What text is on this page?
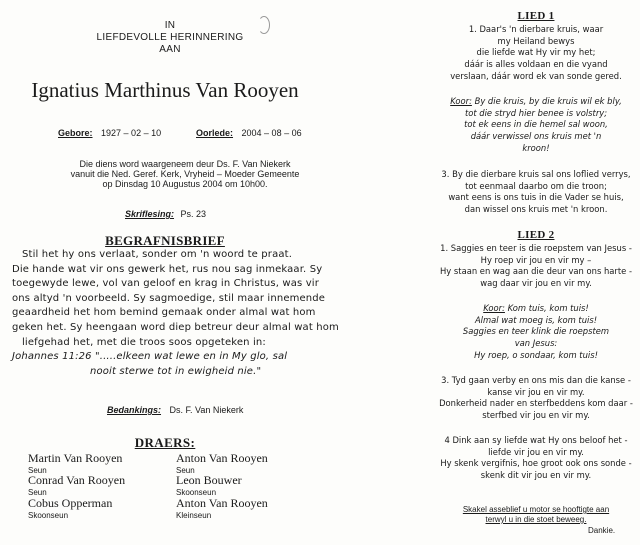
IN
LIEFDEVOLLE HERINNERING
AAN
Ignatius Marthinus Van Rooyen
Gebore: 1927 – 02 – 10	Oorlede: 2004 – 08 – 06
Die diens word waargeneem deur Ds. F. Van Niekerk
vanuit die Ned. Geref. Kerk, Vryheid – Moeder Gemeente
op Dinsdag 10 Augustus 2004 om 10h00.
Skriflesing: Ps. 23
BEGRAFNISBRIEF
Stil het hy ons verlaat, sonder om 'n woord te praat.
Die hande wat vir ons gewerk het, rus nou sag inmekaar. Sy
toegewyde lewe, vol van geloof en krag in Christus, was vir
ons altyd 'n voorbeeld. Sy sagmoedige, stil maar innemende
geaardheid het hom bemind gemaak onder almal wat hom
geken het. Sy heengaan word diep betreur deur almal wat hom
liefgehad het, met die troos soos opgeteken in:
Johannes 11:26 ".....elkeen wat lewe en in My glo, sal
nooit sterwe tot in ewigheid nie."
Bedankings: Ds. F. Van Niekerk
DRAERS:
Martin Van Rooyen
Seun
Anton Van Rooyen
Seun
Conrad Van Rooyen
Seun
Leon Bouwer
Skoonseun
Cobus Opperman
Skoonseun
Anton Van Rooyen
Kleinseun
LIED 1
1. Daar's 'n dierbare kruis, waar
my Heiland bewys
die liefde wat Hy vir my het;
dáár is alles voldaan en die vyand
verslaan, dáár word ek van sonde gered.
Koor: By die kruis, by die kruis wil ek bly,
tot die stryd hier benee is volstry;
tot ek eens in die hemel sal woon,
dáár verwissel ons kruis met 'n
kroon!
3. By die dierbare kruis sal ons loflied verrys,
tot eenmaal daarbo om die troon;
want eens is ons tuis in die Vader se huis,
dan wissel ons kruis met 'n kroon.
LIED 2
1. Saggies en teer is die roepstem van Jesus -
Hy roep vir jou en vir my –
Hy staan en wag aan die deur van ons harte -
wag daar vir jou en vir my.
Koor: Kom tuis, kom tuis!
Almal wat moeg is, kom tuis!
Saggies en teer klink die roepstem
van Jesus:
Hy roep, o sondaar, kom tuis!
3. Tyd gaan verby en ons mis dan die kanse -
kanse vir jou en vir my.
Donkerheid nader en sterfbeddens kom daar -
sterfbed vir jou en vir my.
4 Dink aan sy liefde wat Hy ons beloof het -
liefde vir jou en vir my.
Hy skenk vergifnis, hoe groot ook ons sonde -
skenk dit vir jou en vir my.
Skakel asseblief u motor se hooftigte aan
terwyl u in die stoet beweeg.
Dankie.
